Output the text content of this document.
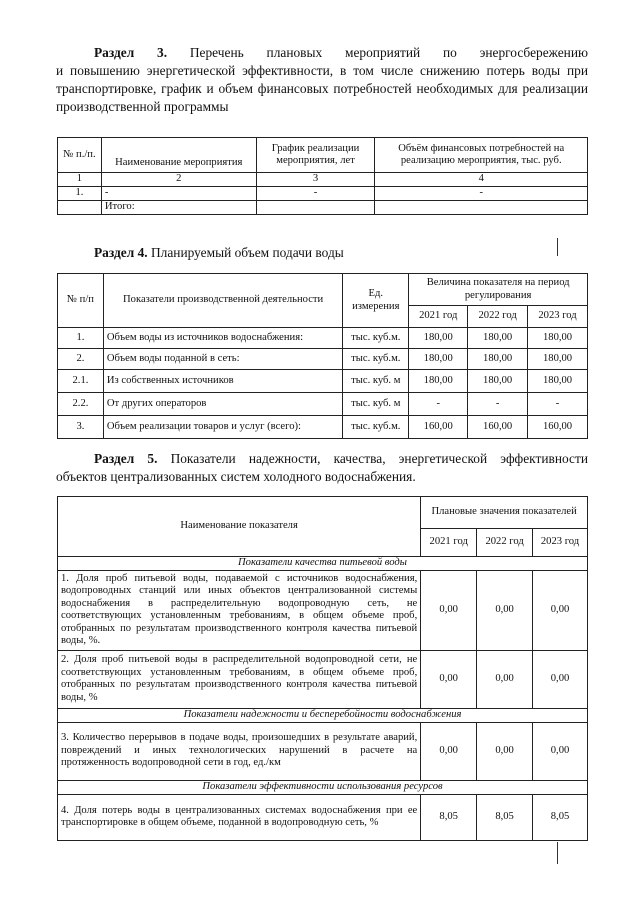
Раздел 3. Перечень плановых мероприятий по энергосбережению
и повышению энергетической эффективности, в том числе снижению потерь воды при транспортировке, график и объем финансовых потребностей необходимых для реализации производственной программы
№ п./п.	Наименование мероприятия	График реализации мероприятия, лет	Объём финансовых потребностей на реализацию мероприятия, тыс. руб.
1	2	3	4
1.	-	-	-
	Итого:		
Раздел 4. Планируемый объем подачи воды
№ п/п	Показатели производственной деятельности	Ед. измерения	Величина показателя на период регулирования		
			2021 год	2022 год	2023 год
1.	Объем воды из источников водоснабжения:	тыс. куб.м.	180,00	180,00	180,00
2.	Объем воды поданной в сеть:	тыс. куб.м.	180,00	180,00	180,00
2.1.	Из собственных источников	тыс. куб. м	180,00	180,00	180,00
2.2.	От других операторов	тыс. куб. м	-	-	-
3.	Объем реализации товаров и услуг (всего):	тыс. куб.м.	160,00	160,00	160,00
Раздел 5. Показатели надежности, качества, энергетической эффективности
объектов централизованных систем холодного водоснабжения.
Наименование показателя	Плановые значения показателей		
	2021 год	2022 год	2023 год
Показатели качества питьевой воды			
1. Доля проб питьевой воды, подаваемой с источников водоснабжения, водопроводных станций или иных объектов централизованной системы водоснабжения в распределительную водопроводную сеть, не соответствующих установленным требованиям, в общем объеме проб, отобранных по результатам производственного контроля качества питьевой воды, %.	0,00	0,00	0,00
2. Доля проб питьевой воды в распределительной водопроводной сети, не соответствующих установленным требованиям, в общем объеме проб, отобранных по результатам производственного контроля качества питьевой воды, %	0,00	0,00	0,00
Показатели надежности и бесперебойности водоснабжения			
3. Количество перерывов в подаче воды, произошедших в результате аварий, повреждений и иных технологических нарушений в расчете на протяженность водопроводной сети в год, ед./км	0,00	0,00	0,00
Показатели эффективности использования ресурсов			
4. Доля потерь воды в централизованных системах водоснабжения при ее транспортировке в общем объеме, поданной в водопроводную сеть, %	8,05	8,05	8,05
